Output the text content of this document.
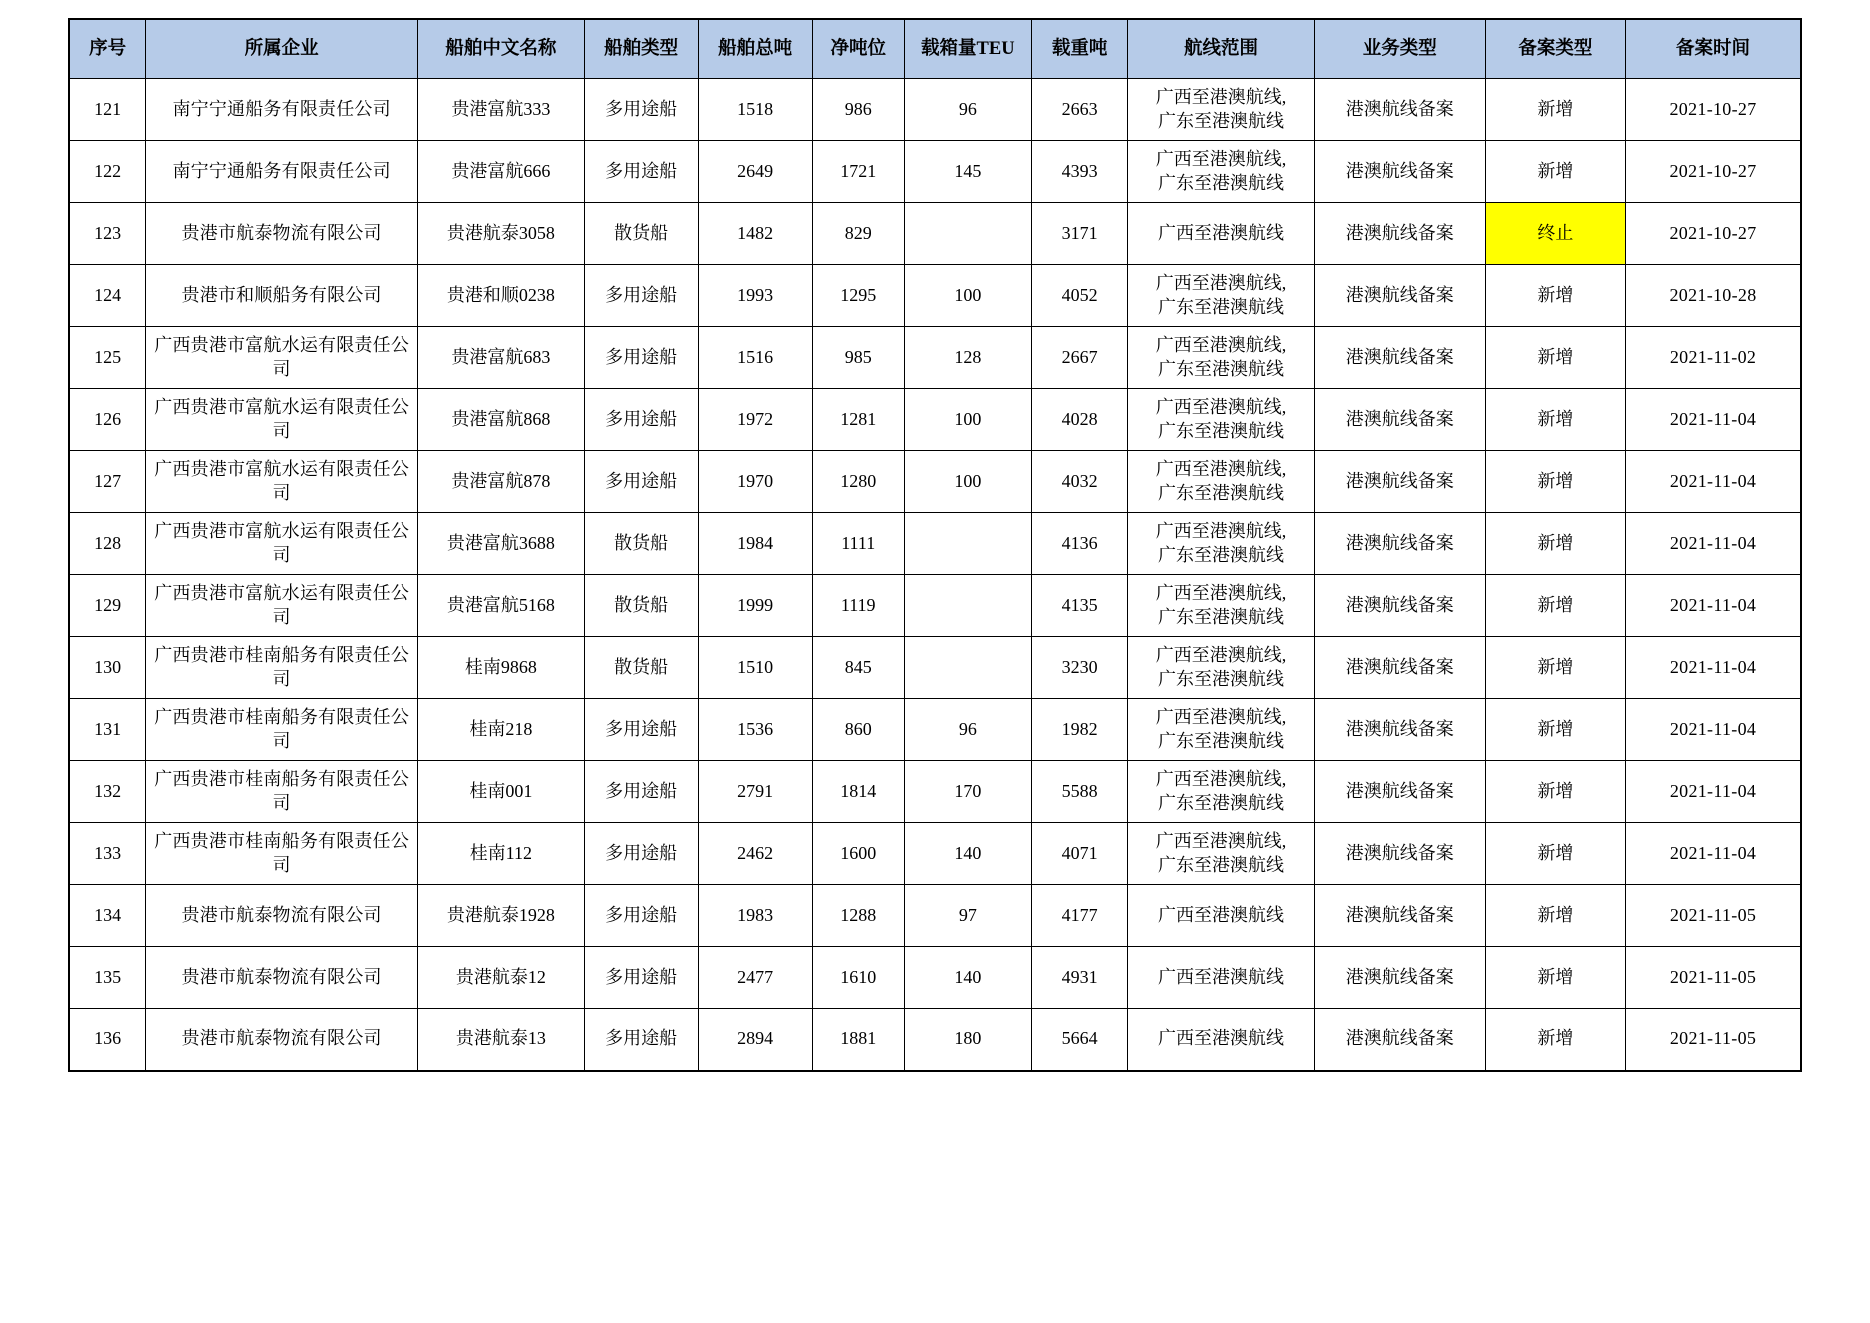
序号	所属企业	船舶中文名称	船舶类型	船舶总吨	净吨位	载箱量TEU	载重吨	航线范围	业务类型	备案类型	备案时间
121	南宁宁通船务有限责任公司	贵港富航333	多用途船	1518	986	96	2663	广西至港澳航线,
广东至港澳航线	港澳航线备案	新增	2021-10-27
122	南宁宁通船务有限责任公司	贵港富航666	多用途船	2649	1721	145	4393	广西至港澳航线,
广东至港澳航线	港澳航线备案	新增	2021-10-27
123	贵港市航泰物流有限公司	贵港航泰3058	散货船	1482	829		3171	广西至港澳航线	港澳航线备案	终止	2021-10-27
124	贵港市和顺船务有限公司	贵港和顺0238	多用途船	1993	1295	100	4052	广西至港澳航线,
广东至港澳航线	港澳航线备案	新增	2021-10-28
125	广西贵港市富航水运有限责任公司	贵港富航683	多用途船	1516	985	128	2667	广西至港澳航线,
广东至港澳航线	港澳航线备案	新增	2021-11-02
126	广西贵港市富航水运有限责任公司	贵港富航868	多用途船	1972	1281	100	4028	广西至港澳航线,
广东至港澳航线	港澳航线备案	新增	2021-11-04
127	广西贵港市富航水运有限责任公司	贵港富航878	多用途船	1970	1280	100	4032	广西至港澳航线,
广东至港澳航线	港澳航线备案	新增	2021-11-04
128	广西贵港市富航水运有限责任公司	贵港富航3688	散货船	1984	1111		4136	广西至港澳航线,
广东至港澳航线	港澳航线备案	新增	2021-11-04
129	广西贵港市富航水运有限责任公司	贵港富航5168	散货船	1999	1119		4135	广西至港澳航线,
广东至港澳航线	港澳航线备案	新增	2021-11-04
130	广西贵港市桂南船务有限责任公司	桂南9868	散货船	1510	845		3230	广西至港澳航线,
广东至港澳航线	港澳航线备案	新增	2021-11-04
131	广西贵港市桂南船务有限责任公司	桂南218	多用途船	1536	860	96	1982	广西至港澳航线,
广东至港澳航线	港澳航线备案	新增	2021-11-04
132	广西贵港市桂南船务有限责任公司	桂南001	多用途船	2791	1814	170	5588	广西至港澳航线,
广东至港澳航线	港澳航线备案	新增	2021-11-04
133	广西贵港市桂南船务有限责任公司	桂南112	多用途船	2462	1600	140	4071	广西至港澳航线,
广东至港澳航线	港澳航线备案	新增	2021-11-04
134	贵港市航泰物流有限公司	贵港航泰1928	多用途船	1983	1288	97	4177	广西至港澳航线	港澳航线备案	新增	2021-11-05
135	贵港市航泰物流有限公司	贵港航泰12	多用途船	2477	1610	140	4931	广西至港澳航线	港澳航线备案	新增	2021-11-05
136	贵港市航泰物流有限公司	贵港航泰13	多用途船	2894	1881	180	5664	广西至港澳航线	港澳航线备案	新增	2021-11-05
